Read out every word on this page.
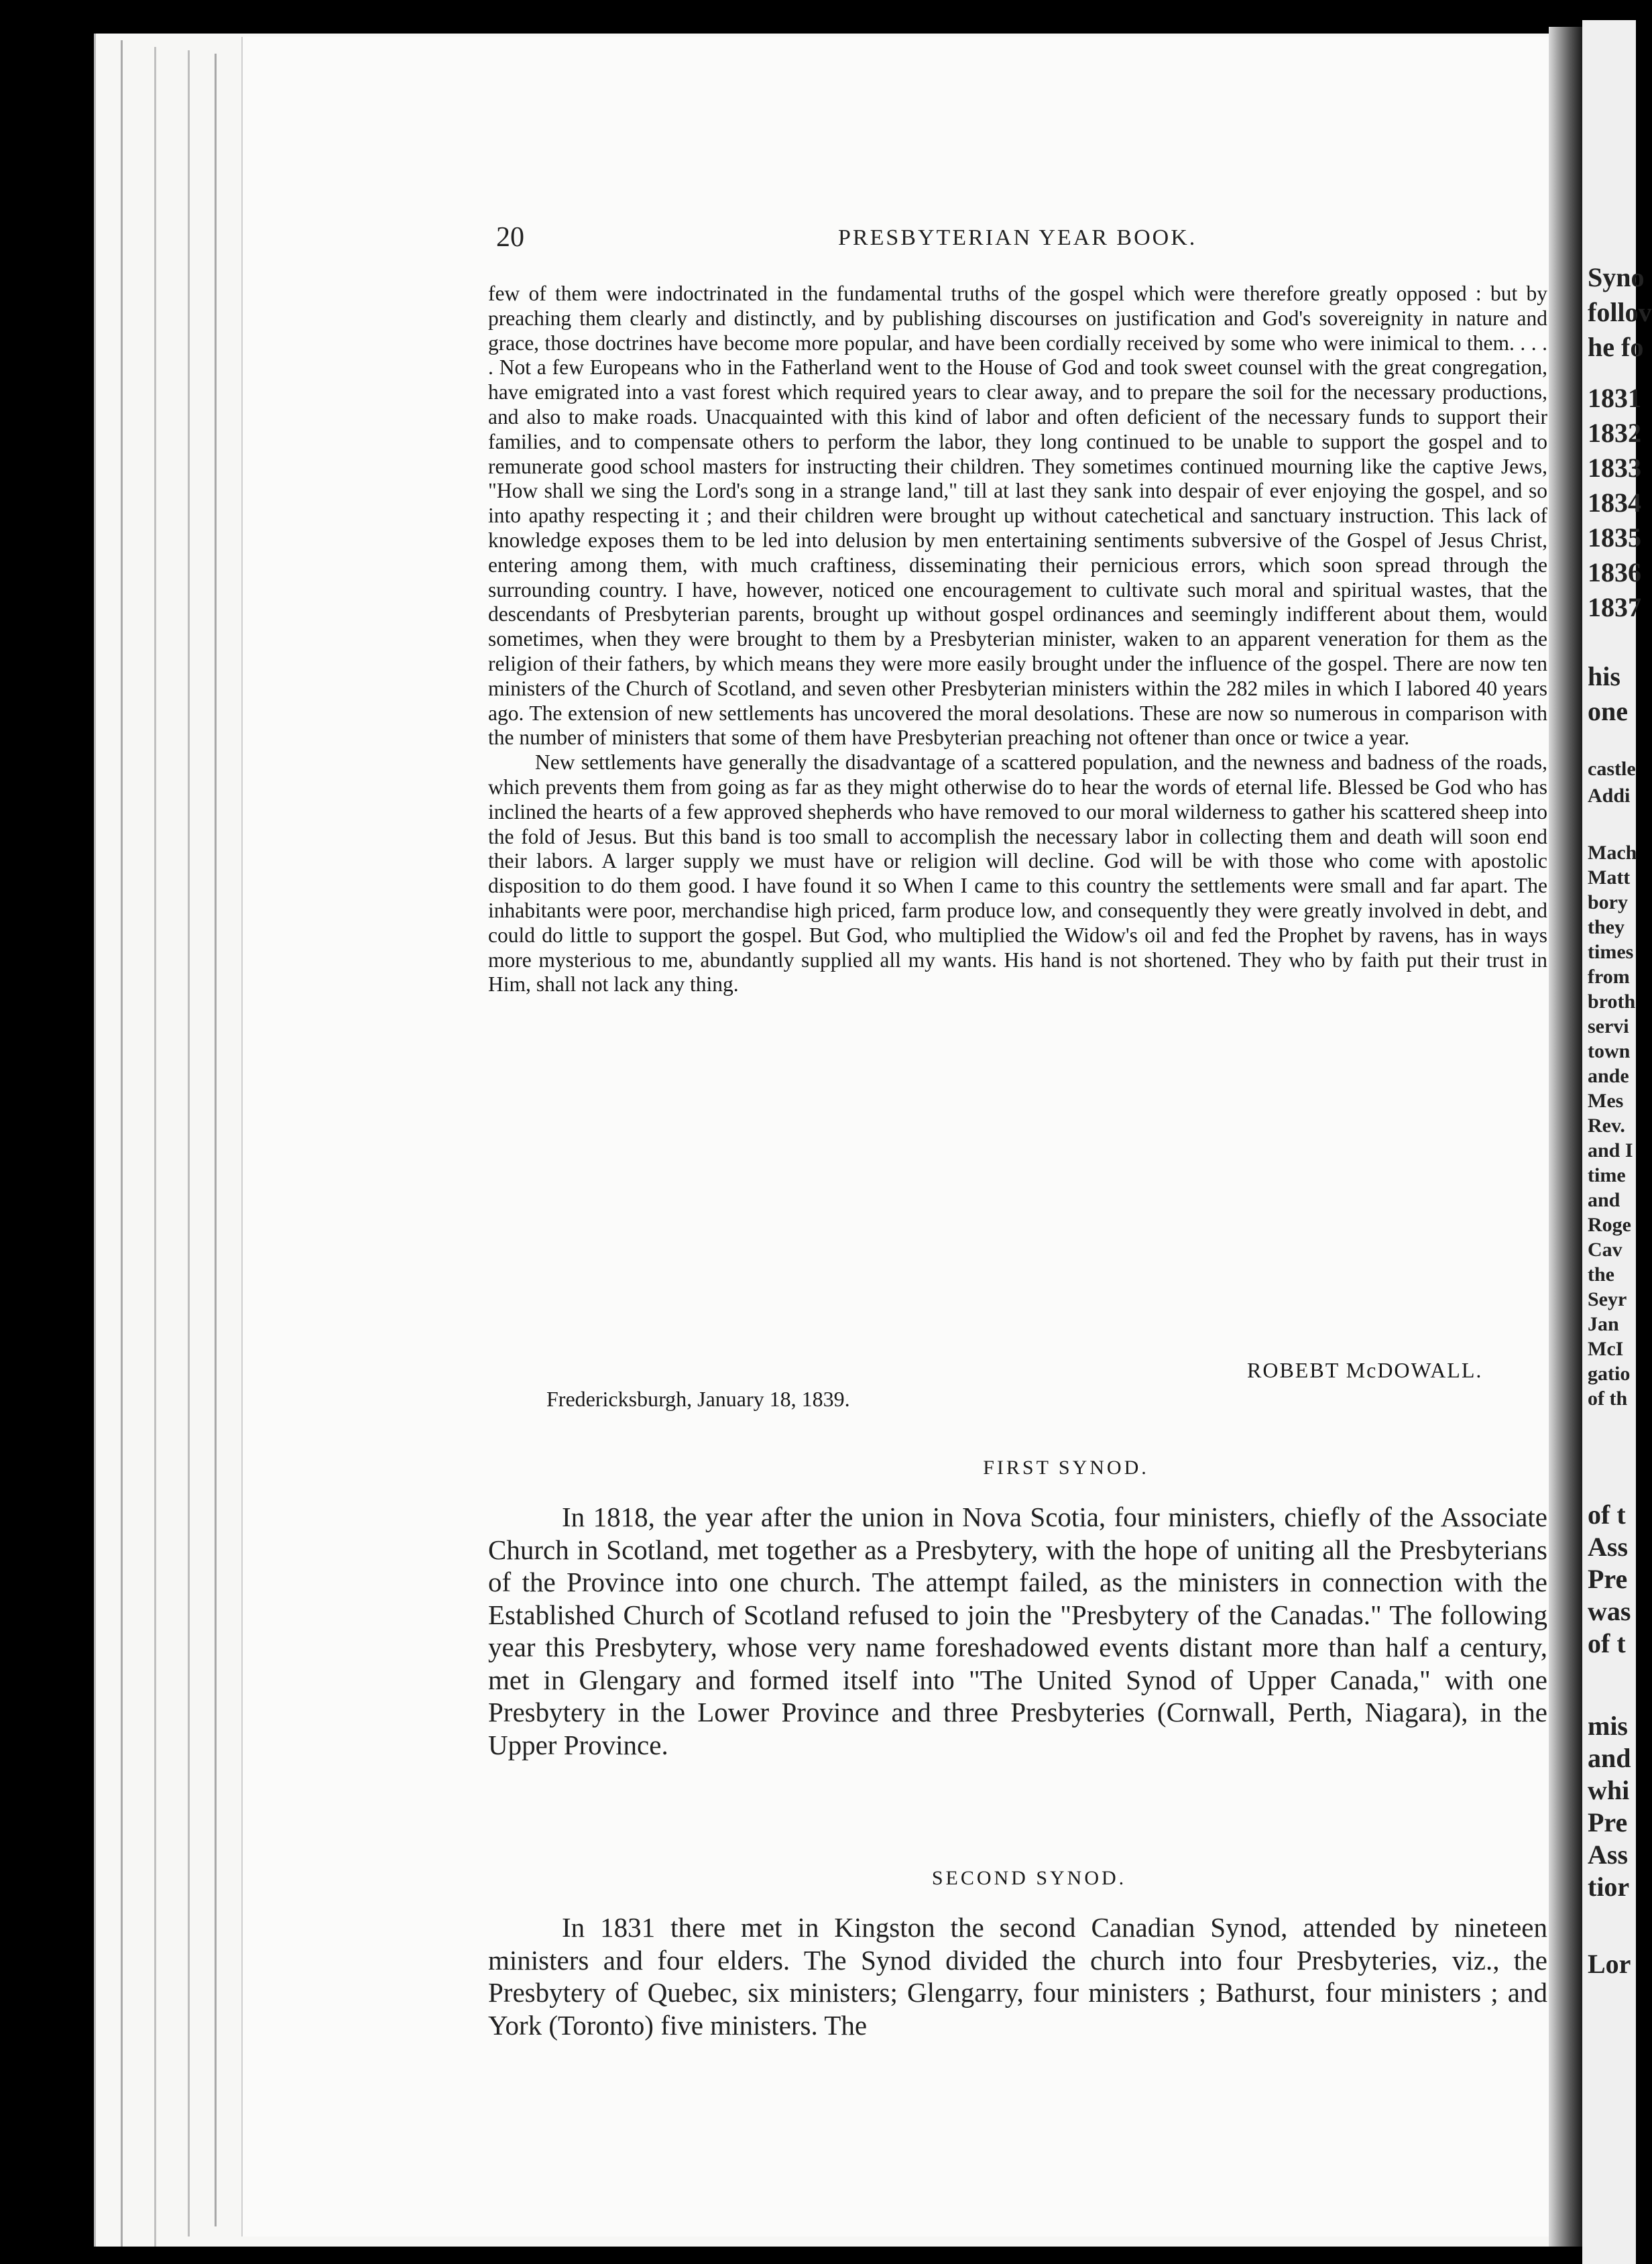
20	PRESBYTERIAN YEAR BOOK.

few of them were indoctrinated in the fundamental truths of the gospel which were therefore greatly opposed : but by preaching them clearly and distinctly, and by publishing discourses on justification and God's sovereignity in nature and grace, those doctrines have become more popular, and have been cordially received by some who were inimical to them. . . . . Not a few Europeans who in the Fatherland went to the House of God and took sweet counsel with the great congregation, have emigrated into a vast forest which required years to clear away, and to prepare the soil for the necessary productions, and also to make roads. Unacquainted with this kind of labor and often deficient of the necessary funds to support their families, and to compensate others to perform the labor, they long continued to be unable to support the gospel and to remunerate good school masters for instructing their children. They sometimes continued mourning like the captive Jews, "How shall we sing the Lord's song in a strange land," till at last they sank into despair of ever enjoying the gospel, and so into apathy respecting it ; and their children were brought up without catechetical and sanctuary instruction. This lack of knowledge exposes them to be led into delusion by men entertaining sentiments subversive of the Gospel of Jesus Christ, entering among them, with much craftiness, disseminating their pernicious errors, which soon spread through the surrounding country. I have, however, noticed one encouragement to cultivate such moral and spiritual wastes, that the descendants of Presbyterian parents, brought up without gospel ordinances and seemingly indifferent about them, would sometimes, when they were brought to them by a Presbyterian minister, waken to an apparent veneration for them as the religion of their fathers, by which means they were more easily brought under the influence of the gospel. There are now ten ministers of the Church of Scotland, and seven other Presbyterian ministers within the 282 miles in which I labored 40 years ago. The extension of new settlements has uncovered the moral desolations. These are now so numerous in comparison with the number of ministers that some of them have Presbyterian preaching not oftener than once or twice a year.

New settlements have generally the disadvantage of a scattered population, and the newness and badness of the roads, which prevents them from going as far as they might otherwise do to hear the words of eternal life. Blessed be God who has inclined the hearts of a few approved shepherds who have removed to our moral wilderness to gather his scattered sheep into the fold of Jesus. But this band is too small to accomplish the necessary labor in collecting them and death will soon end their labors. A larger supply we must have or religion will decline. God will be with those who come with apostolic disposition to do them good. I have found it so When I came to this country the settlements were small and far apart. The inhabitants were poor, merchandise high priced, farm produce low, and consequently they were greatly involved in debt, and could do little to support the gospel. But God, who multiplied the Widow's oil and fed the Prophet by ravens, has in ways more mysterious to me, abundantly supplied all my wants. His hand is not shortened. They who by faith put their trust in Him, shall not lack any thing.

ROBEBT McDOWALL.
Fredericksburgh, January 18, 1839.
FIRST SYNOD.

In 1818, the year after the union in Nova Scotia, four ministers, chiefly of the Associate Church in Scotland, met together as a Presbytery, with the hope of uniting all the Presbyterians of the Province into one church. The attempt failed, as the ministers in connection with the Established Church of Scotland refused to join the "Presbytery of the Canadas." The following year this Presbytery, whose very name foreshadowed events distant more than half a century, met in Glengary and formed itself into "The United Synod of Upper Canada," with one Presbytery in the Lower Province and three Presbyteries (Cornwall, Perth, Niagara), in the Upper Province.

SECOND SYNOD.

In 1831 there met in Kingston the second Canadian Synod, attended by nineteen ministers and four elders. The Synod divided the church into four Presbyteries, viz., the Presbytery of Quebec, six ministers; Glengarry, four ministers ; Bathurst, four ministers ; and York (Toronto) five ministers. The

Syno
follov
he fo
1831
1832
1833
1834
1835
1836
1837
his
one
castle
Addi
Mach
Matt
bory
they
times
from
broth
servi
town
ande
Mes
Rev.
and I
time
and
Roge
Cav
the
Seyr
Jan
McI
gatio
of th
of t
Ass
Pre
was
of t
mis
and
whi
Pre
Ass
tior
Lor
